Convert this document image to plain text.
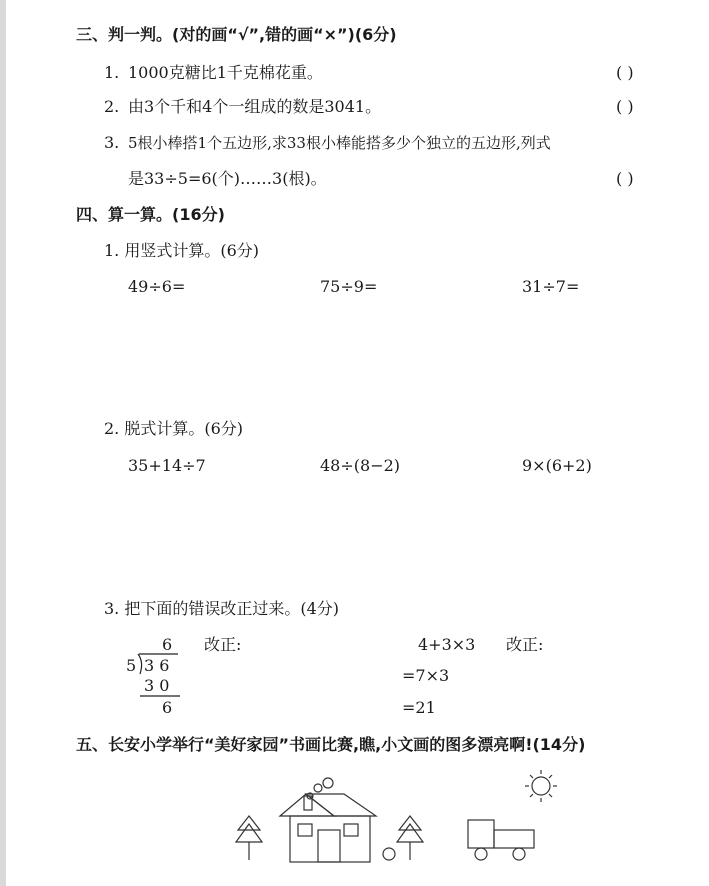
三、判一判。(对的画“√”,错的画“×”)(6分)
1. 1000克糖比1千克棉花重。	( )
2. 由3个千和4个一组成的数是3041。	( )
3. 5根小棒搭1个五边形,求33根小棒能搭多少个独立的五边形,列式
是33÷5=6(个)……3(根)。	( )
四、算一算。(16分)
1. 用竖式计算。(6分)
49÷6=	75÷9=	31÷7=
2. 脱式计算。(6分)
35+14÷7	48÷(8−2)	9×(6+2)
3. 把下面的错误改正过来。(4分)
6
5 3 6
3 0
6
改正:	4+3×3 改正:
=7×3
=21
五、长安小学举行“美好家园”书画比赛,瞧,小文画的图多漂亮啊!(14分)
